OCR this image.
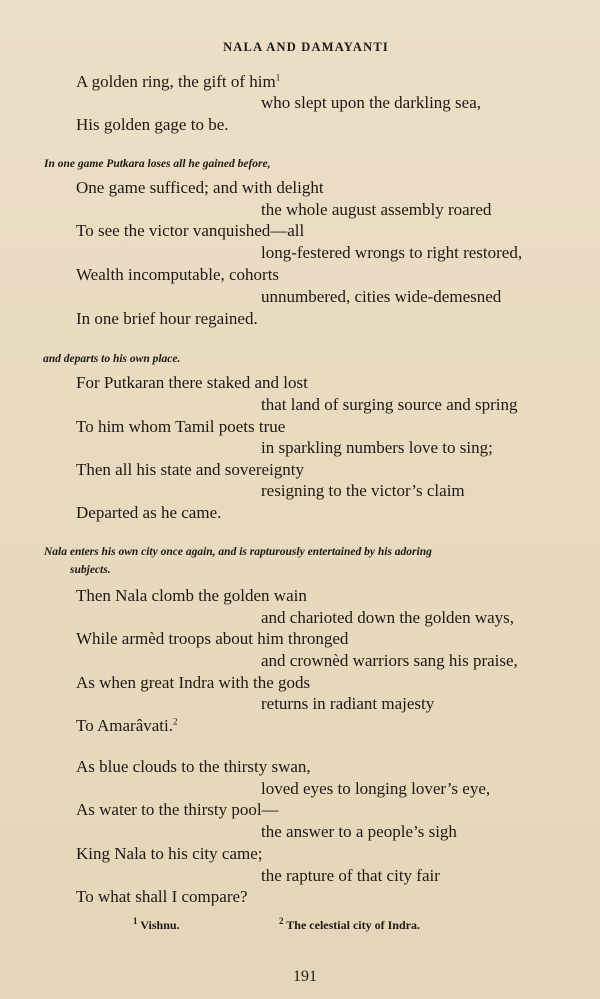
NALA AND DAMAYANTI
A golden ring, the gift of him$^1$
who slept upon the darkling sea,
His golden gage to be.
In one game Putkara loses all he gained before,
One game sufficed; and with delight
the whole august assembly roared
To see the victor vanquished—all
long-festered wrongs to right restored,
Wealth incomputable, cohorts
unnumbered, cities wide-demesned
In one brief hour regained.
and departs to his own place.
For Putkaran there staked and lost
that land of surging source and spring
To him whom Tamil poets true
in sparkling numbers love to sing;
Then all his state and sovereignty
resigning to the victor’s claim
Departed as he came.
Nala enters his own city once again, and is rapturously entertained by his adoring
subjects.
Then Nala clomb the golden wain
and charioted down the golden ways,
While armèd troops about him thronged
and crownèd warriors sang his praise,
As when great Indra with the gods
returns in radiant majesty
To Amarâvati.$^2$
As blue clouds to the thirsty swan,
loved eyes to longing lover’s eye,
As water to the thirsty pool—
the answer to a people’s sigh
King Nala to his city came;
the rapture of that city fair
To what shall I compare?
$^1$ Vishnu.	$^2$ The celestial city of Indra.
191
